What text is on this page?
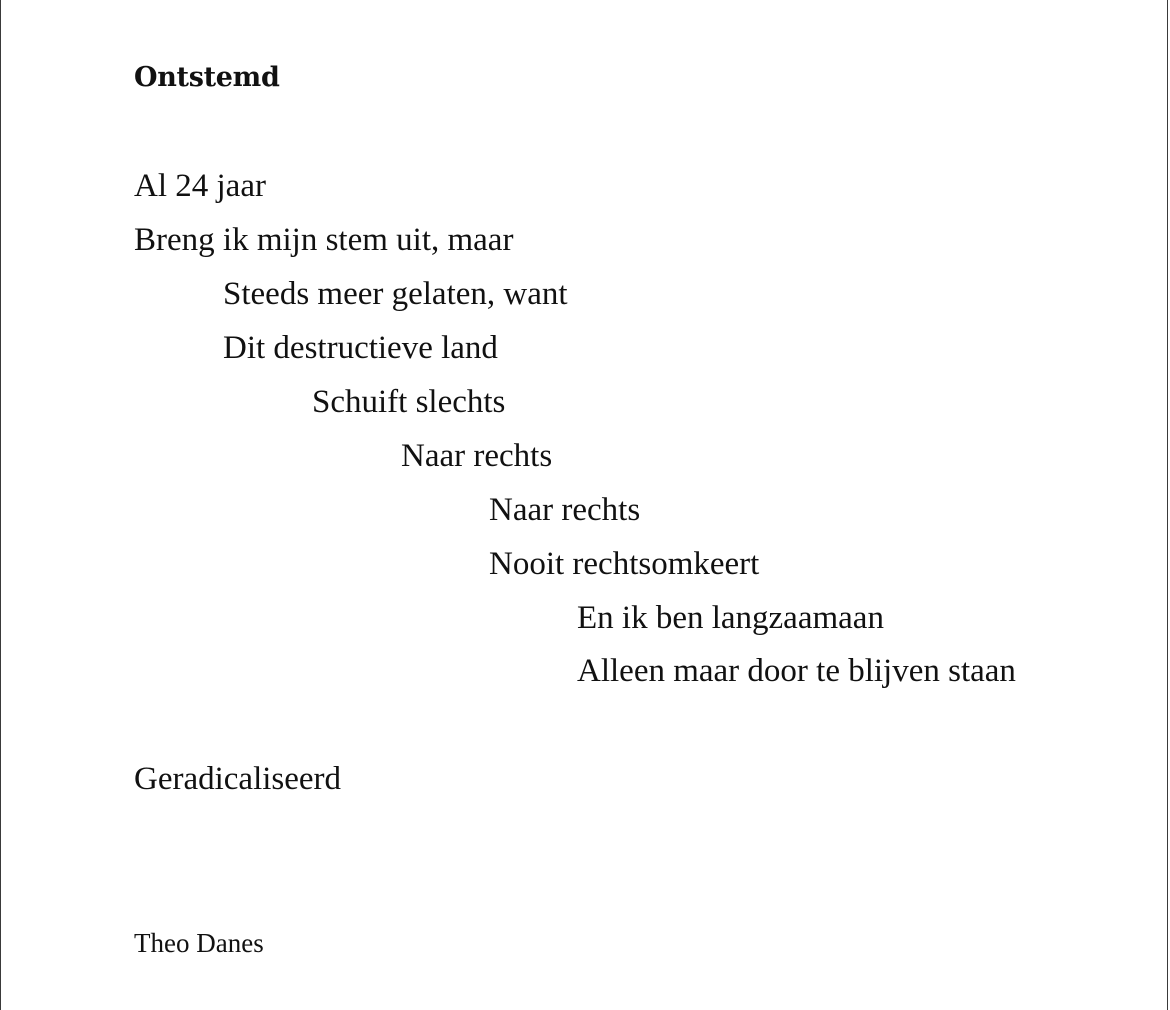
Ontstemd
Al 24 jaar
Breng ik mijn stem uit, maar
Steeds meer gelaten, want
Dit destructieve land
Schuift slechts
Naar rechts
Naar rechts
Nooit rechtsomkeert
En ik ben langzaamaan
Alleen maar door te blijven staan
Geradicaliseerd
Theo Danes
